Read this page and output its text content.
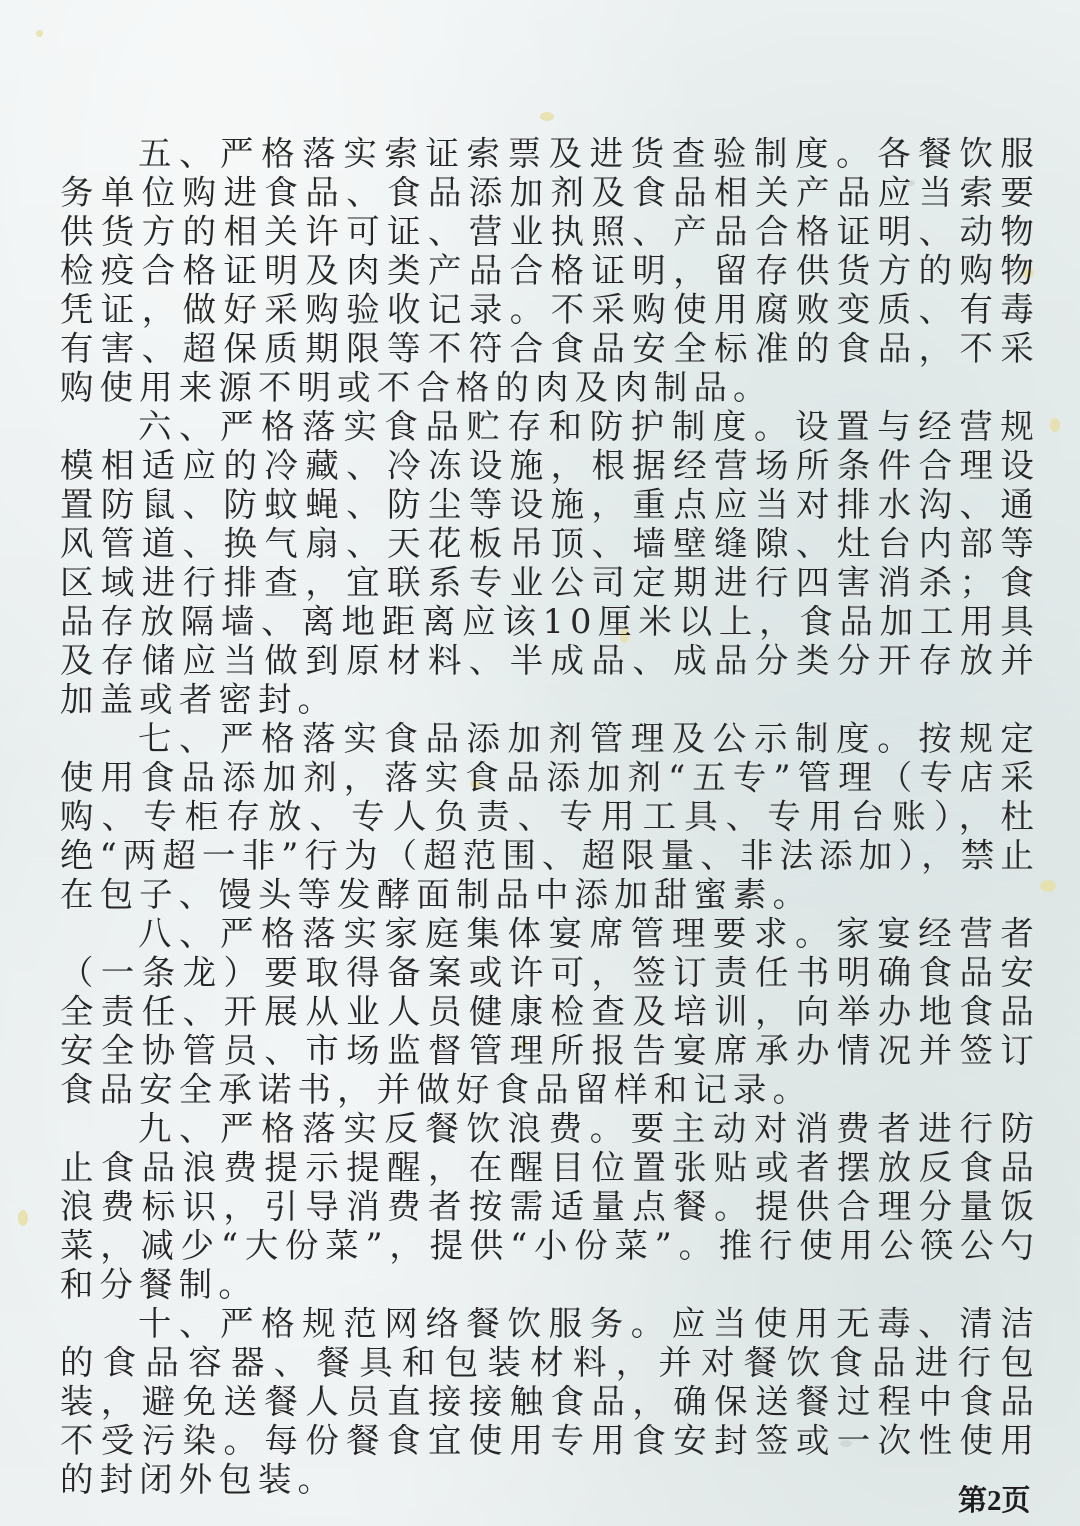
五、严格落实索证索票及进货查验制度。各餐饮服务单位购进食品、食品添加剂及食品相关产品应当索要供货方的相关许可证、营业执照、产品合格证明、动物检疫合格证明及肉类产品合格证明，留存供货方的购物凭证，做好采购验收记录。不采购使用腐败变质、有毒有害、超保质期限等不符合食品安全标准的食品，不采购使用来源不明或不合格的肉及肉制品。

六、严格落实食品贮存和防护制度。设置与经营规模相适应的冷藏、冷冻设施，根据经营场所条件合理设置防鼠、防蚊蝇、防尘等设施，重点应当对排水沟、通风管道、换气扇、天花板吊顶、墙壁缝隙、灶台内部等区域进行排查，宜联系专业公司定期进行四害消杀；食品存放隔墙、离地距离应该10厘米以上，食品加工用具及存储应当做到原材料、半成品、成品分类分开存放并加盖或者密封。

七、严格落实食品添加剂管理及公示制度。按规定使用食品添加剂，落实食品添加剂“五专”管理（专店采购、专柜存放、专人负责、专用工具、专用台账），杜绝“两超一非”行为（超范围、超限量、非法添加），禁止在包子、馒头等发酵面制品中添加甜蜜素。

八、严格落实家庭集体宴席管理要求。家宴经营者（一条龙）要取得备案或许可，签订责任书明确食品安全责任、开展从业人员健康检查及培训，向举办地食品安全协管员、市场监督管理所报告宴席承办情况并签订食品安全承诺书，并做好食品留样和记录。

九、严格落实反餐饮浪费。要主动对消费者进行防止食品浪费提示提醒，在醒目位置张贴或者摆放反食品浪费标识，引导消费者按需适量点餐。提供合理分量饭菜，减少“大份菜”，提供“小份菜”。推行使用公筷公勺和分餐制。

十、严格规范网络餐饮服务。应当使用无毒、清洁的食品容器、餐具和包装材料，并对餐饮食品进行包装，避免送餐人员直接接触食品，确保送餐过程中食品不受污染。每份餐食宜使用专用食安封签或一次性使用的封闭外包装。

第2页
